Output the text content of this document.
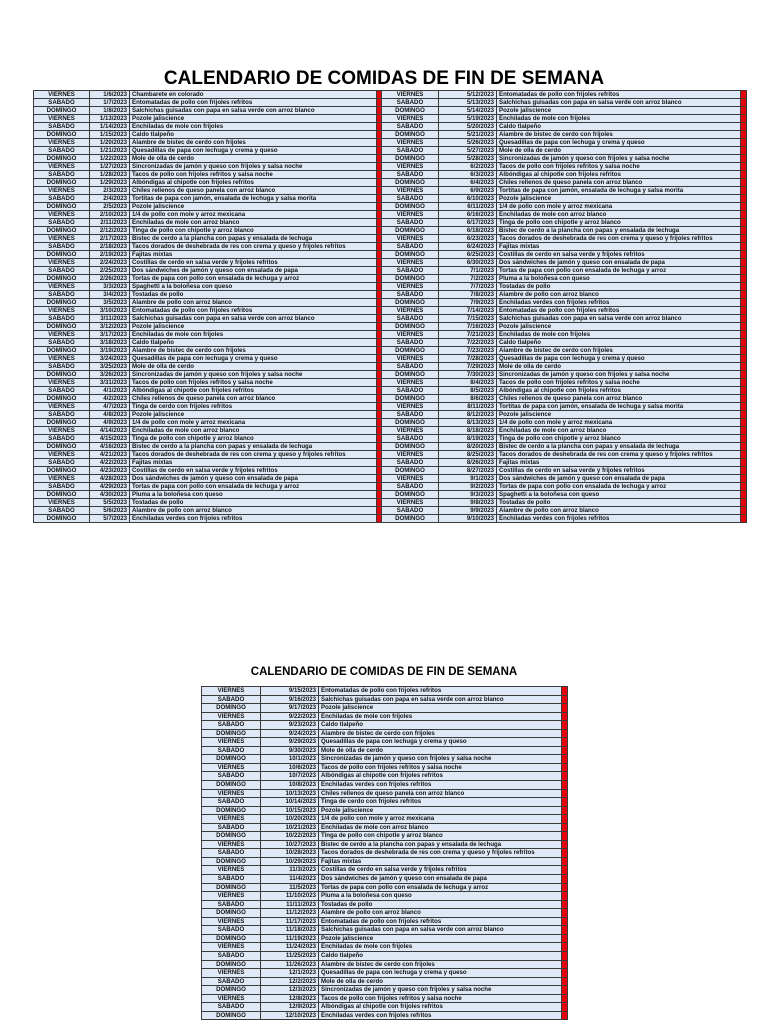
CALENDARIO DE COMIDAS DE FIN DE SEMANA
VIERNES	1/6/2023	Chambarete en colorado	
SABADO	1/7/2023	Entomatadas de pollo con frijoles refritos	
DOMINGO	1/8/2023	Salchichas guisadas con papa en salsa verde con arroz blanco	
VIERNES	1/13/2023	Pozole jaliscience	
SABADO	1/14/2023	Enchiladas de mole con frijoles	
DOMINGO	1/15/2023	Caldo tlalpeño	
VIERNES	1/20/2023	Alambre de bistec de cerdo con frijoles	
SABADO	1/21/2023	Quesadillas de papa con lechuga y crema y queso	
DOMINGO	1/22/2023	Mole de olla de cerdo	
VIERNES	1/27/2023	Sincronizadas de jamón y queso con frijoles y salsa noche	
SABADO	1/28/2023	Tacos de pollo con frijoles refritos y salsa noche	
DOMINGO	1/29/2023	Albóndigas al chipotle con frijoles refritos	
VIERNES	2/3/2023	Chiles rellenos de queso panela con arroz blanco	
SABADO	2/4/2023	Tortitas de papa con jamón, ensalada de lechuga y salsa morita	
DOMINGO	2/5/2023	Pozole jaliscience	
VIERNES	2/10/2023	1/4 de pollo con mole y arroz mexicana	
SABADO	2/11/2023	Enchiladas de mole con arroz blanco	
DOMINGO	2/12/2023	Tinga de pollo con chipotle y arroz blanco	
VIERNES	2/17/2023	Bistec de cerdo a la plancha con papas y ensalada de lechuga	
SABADO	2/18/2023	Tacos dorados de deshebrada de res con crema y queso y frijoles refritos	
DOMINGO	2/19/2023	Fajitas mixtas	
VIERNES	2/24/2023	Costillas de cerdo en salsa verde y frijoles refritos	
SABADO	2/25/2023	Dos sándwiches de jamón y queso con ensalada de papa	
DOMINGO	2/26/2023	Tortas de papa con pollo con ensalada de lechuga y arroz	
VIERNES	3/3/2023	Spaghetti a la boloñesa con queso	
SABADO	3/4/2023	Tostadas de pollo	
DOMINGO	3/5/2023	Alambre de pollo con arroz blanco	
VIERNES	3/10/2023	Entomatadas de pollo con frijoles refritos	
SABADO	3/11/2023	Salchichas guisadas con papa en salsa verde con arroz blanco	
DOMINGO	3/12/2023	Pozole jaliscience	
VIERNES	3/17/2023	Enchiladas de mole con frijoles	
SABADO	3/18/2023	Caldo tlalpeño	
DOMINGO	3/19/2023	Alambre de bistec de cerdo con frijoles	
VIERNES	3/24/2023	Quesadillas de papa con lechuga y crema y queso	
SABADO	3/25/2023	Mole de olla de cerdo	
DOMINGO	3/26/2023	Sincronizadas de jamón y queso con frijoles y salsa noche	
VIERNES	3/31/2023	Tacos de pollo con frijoles refritos y salsa noche	
SABADO	4/1/2023	Albóndigas al chipotle con frijoles refritos	
DOMINGO	4/2/2023	Chiles rellenos de queso panela con arroz blanco	
VIERNES	4/7/2023	Tinga de cerdo con frijoles refritos	
SABADO	4/8/2023	Pozole jaliscience	
DOMINGO	4/9/2023	1/4 de pollo con mole y arroz mexicana	
VIERNES	4/14/2023	Enchiladas de mole con arroz blanco	
SABADO	4/15/2023	Tinga de pollo con chipotle y arroz blanco	
DOMINGO	4/16/2023	Bistec de cerdo a la plancha con papas y ensalada de lechuga	
VIERNES	4/21/2023	Tacos dorados de deshebrada de res con crema y queso y frijoles refritos	
SABADO	4/22/2023	Fajitas mixtas	
DOMINGO	4/23/2023	Costillas de cerdo en salsa verde y frijoles refritos	
VIERNES	4/28/2023	Dos sándwiches de jamón y queso con ensalada de papa	
SABADO	4/29/2023	Tortas de papa con pollo con ensalada de lechuga y arroz	
DOMINGO	4/30/2023	Pluma a la boloñesa con queso	
VIERNES	5/5/2023	Tostadas de pollo	
SABADO	5/6/2023	Alambre de pollo con arroz blanco	
DOMINGO	5/7/2023	Enchiladas verdes con frijoles refritos	
VIERNES	5/12/2023	Entomatadas de pollo con frijoles refritos	
SABADO	5/13/2023	Salchichas guisadas con papa en salsa verde con arroz blanco	
DOMINGO	5/14/2023	Pozole jaliscience	
VIERNES	5/19/2023	Enchiladas de mole con frijoles	
SABADO	5/20/2023	Caldo tlalpeño	
DOMINGO	5/21/2023	Alambre de bistec de cerdo con frijoles	
VIERNES	5/26/2023	Quesadillas de papa con lechuga y crema y queso	
SABADO	5/27/2023	Mole de olla de cerdo	
DOMINGO	5/28/2023	Sincronizadas de jamón y queso con frijoles y salsa noche	
VIERNES	6/2/2023	Tacos de pollo con frijoles refritos y salsa noche	
SABADO	6/3/2023	Albóndigas al chipotle con frijoles refritos	
DOMINGO	6/4/2023	Chiles rellenos de queso panela con arroz blanco	
VIERNES	6/9/2023	Tortitas de papa con jamón, ensalada de lechuga y salsa morita	
SABADO	6/10/2023	Pozole jaliscience	
DOMINGO	6/11/2023	1/4 de pollo con mole y arroz mexicana	
VIERNES	6/16/2023	Enchiladas de mole con arroz blanco	
SABADO	6/17/2023	Tinga de pollo con chipotle y arroz blanco	
DOMINGO	6/18/2023	Bistec de cerdo a la plancha con papas y ensalada de lechuga	
VIERNES	6/23/2023	Tacos dorados de deshebrada de res con crema y queso y frijoles refritos	
SABADO	6/24/2023	Fajitas mixtas	
DOMINGO	6/25/2023	Costillas de cerdo en salsa verde y frijoles refritos	
VIERNES	6/30/2023	Dos sándwiches de jamón y queso con ensalada de papa	
SABADO	7/1/2023	Tortas de papa con pollo con ensalada de lechuga y arroz	
DOMINGO	7/2/2023	Pluma a la boloñesa con queso	
VIERNES	7/7/2023	Tostadas de pollo	
SABADO	7/8/2023	Alambre de pollo con arroz blanco	
DOMINGO	7/9/2023	Enchiladas verdes con frijoles refritos	
VIERNES	7/14/2023	Entomatadas de pollo con frijoles refritos	
SABADO	7/15/2023	Salchichas guisadas con papa en salsa verde con arroz blanco	
DOMINGO	7/16/2023	Pozole jaliscience	
VIERNES	7/21/2023	Enchiladas de mole con frijoles	
SABADO	7/22/2023	Caldo tlalpeño	
DOMINGO	7/23/2023	Alambre de bistec de cerdo con frijoles	
VIERNES	7/28/2023	Quesadillas de papa con lechuga y crema y queso	
SABADO	7/29/2023	Mole de olla de cerdo	
DOMINGO	7/30/2023	Sincronizadas de jamón y queso con frijoles y salsa noche	
VIERNES	8/4/2023	Tacos de pollo con frijoles refritos y salsa noche	
SABADO	8/5/2023	Albóndigas al chipotle con frijoles refritos	
DOMINGO	8/6/2023	Chiles rellenos de queso panela con arroz blanco	
VIERNES	8/11/2023	Tortitas de papa con jamón, ensalada de lechuga y salsa morita	
SABADO	8/12/2023	Pozole jaliscience	
DOMINGO	8/13/2023	1/4 de pollo con mole y arroz mexicana	
VIERNES	8/18/2023	Enchiladas de mole con arroz blanco	
SABADO	8/19/2023	Tinga de pollo con chipotle y arroz blanco	
DOMINGO	8/20/2023	Bistec de cerdo a la plancha con papas y ensalada de lechuga	
VIERNES	8/25/2023	Tacos dorados de deshebrada de res con crema y queso y frijoles refritos	
SABADO	8/26/2023	Fajitas mixtas	
DOMINGO	8/27/2023	Costillas de cerdo en salsa verde y frijoles refritos	
VIERNES	9/1/2023	Dos sándwiches de jamón y queso con ensalada de papa	
SABADO	9/2/2023	Tortas de papa con pollo con ensalada de lechuga y arroz	
DOMINGO	9/3/2023	Spaghetti a la boloñesa con queso	
VIERNES	9/8/2023	Tostadas de pollo	
SABADO	9/9/2023	Alambre de pollo con arroz blanco	
DOMINGO	9/10/2023	Enchiladas verdes con frijoles refritos	
CALENDARIO DE COMIDAS DE FIN DE SEMANA
VIERNES	9/15/2023	Entomatadas de pollo con frijoles refritos	
SABADO	9/16/2023	Salchichas guisadas con papa en salsa verde con arroz blanco	
DOMINGO	9/17/2023	Pozole jaliscience	
VIERNES	9/22/2023	Enchiladas de mole con frijoles	
SABADO	9/23/2023	Caldo tlalpeño	
DOMINGO	9/24/2023	Alambre de bistec de cerdo con frijoles	
VIERNES	9/29/2023	Quesadillas de papa con lechuga y crema y queso	
SABADO	9/30/2023	Mole de olla de cerdo	
DOMINGO	10/1/2023	Sincronizadas de jamón y queso con frijoles y salsa noche	
VIERNES	10/6/2023	Tacos de pollo con frijoles refritos y salsa noche	
SABADO	10/7/2023	Albóndigas al chipotle con frijoles refritos	
DOMINGO	10/8/2023	Enchiladas verdes con frijoles refritos	
VIERNES	10/13/2023	Chiles rellenos de queso panela con arroz blanco	
SABADO	10/14/2023	Tinga de cerdo con frijoles refritos	
DOMINGO	10/15/2023	Pozole jaliscience	
VIERNES	10/20/2023	1/4 de pollo con mole y arroz mexicana	
SABADO	10/21/2023	Enchiladas de mole con arroz blanco	
DOMINGO	10/22/2023	Tinga de pollo con chipotle y arroz blanco	
VIERNES	10/27/2023	Bistec de cerdo a la plancha con papas y ensalada de lechuga	
SABADO	10/28/2023	Tacos dorados de deshebrada de res con crema y queso y frijoles refritos	
DOMINGO	10/29/2023	Fajitas mixtas	
VIERNES	11/3/2023	Costillas de cerdo en salsa verde y frijoles refritos	
SABADO	11/4/2023	Dos sándwiches de jamón y queso con ensalada de papa	
DOMINGO	11/5/2023	Tortas de papa con pollo con ensalada de lechuga y arroz	
VIERNES	11/10/2023	Pluma a la boloñesa con queso	
SABADO	11/11/2023	Tostadas de pollo	
DOMINGO	11/12/2023	Alambre de pollo con arroz blanco	
VIERNES	11/17/2023	Entomatadas de pollo con frijoles refritos	
SABADO	11/18/2023	Salchichas guisadas con papa en salsa verde con arroz blanco	
DOMINGO	11/19/2023	Pozole jaliscience	
VIERNES	11/24/2023	Enchiladas de mole con frijoles	
SABADO	11/25/2023	Caldo tlalpeño	
DOMINGO	11/26/2023	Alambre de bistec de cerdo con frijoles	
VIERNES	12/1/2023	Quesadillas de papa con lechuga y crema y queso	
SABADO	12/2/2023	Mole de olla de cerdo	
DOMINGO	12/3/2023	Sincronizadas de jamón y queso con frijoles y salsa noche	
VIERNES	12/8/2023	Tacos de pollo con frijoles refritos y salsa noche	
SABADO	12/9/2023	Albóndigas al chipotle con frijoles refritos	
DOMINGO	12/10/2023	Enchiladas verdes con frijoles refritos	
